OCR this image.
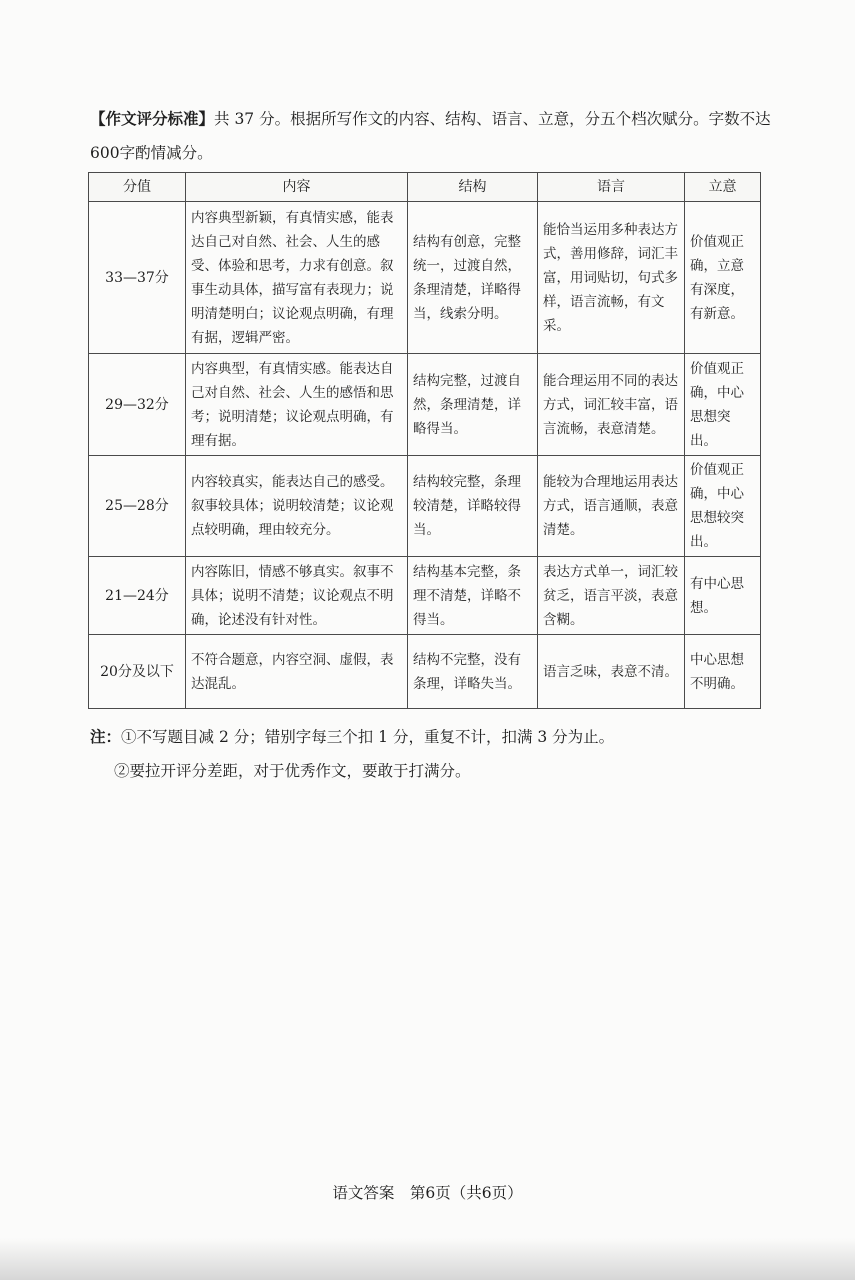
【作文评分标准】共 37 分。根据所写作文的内容、结构、语言、立意，分五个档次赋分。字数不达 600字酌情减分。
分值	内容	结构	语言	立意
33—37分	内容典型新颖，有真情实感，能表达自己对自然、社会、人生的感受、体验和思考，力求有创意。叙事生动具体，描写富有表现力；说明清楚明白；议论观点明确，有理有据，逻辑严密。	结构有创意，完整统一，过渡自然，条理清楚，详略得当，线索分明。	能恰当运用多种表达方式，善用修辞，词汇丰富，用词贴切，句式多样，语言流畅，有文采。	价值观正确，立意有深度，有新意。
29—32分	内容典型，有真情实感。能表达自己对自然、社会、人生的感悟和思考；说明清楚；议论观点明确，有理有据。	结构完整，过渡自然，条理清楚，详略得当。	能合理运用不同的表达方式，词汇较丰富，语言流畅，表意清楚。	价值观正确，中心思想突出。
25—28分	内容较真实，能表达自己的感受。叙事较具体；说明较清楚；议论观点较明确，理由较充分。	结构较完整，条理较清楚，详略较得当。	能较为合理地运用表达方式，语言通顺，表意清楚。	价值观正确，中心思想较突出。
21—24分	内容陈旧，情感不够真实。叙事不具体；说明不清楚；议论观点不明确，论述没有针对性。	结构基本完整，条理不清楚，详略不得当。	表达方式单一，词汇较贫乏，语言平淡，表意含糊。	有中心思想。
20分及以下	不符合题意，内容空洞、虚假，表达混乱。	结构不完整，没有条理，详略失当。	语言乏味，表意不清。	中心思想不明确。
注：①不写题目减 2 分；错别字每三个扣 1 分，重复不计，扣满 3 分为止。
②要拉开评分差距，对于优秀作文，要敢于打满分。
语文答案　第6页（共6页）
